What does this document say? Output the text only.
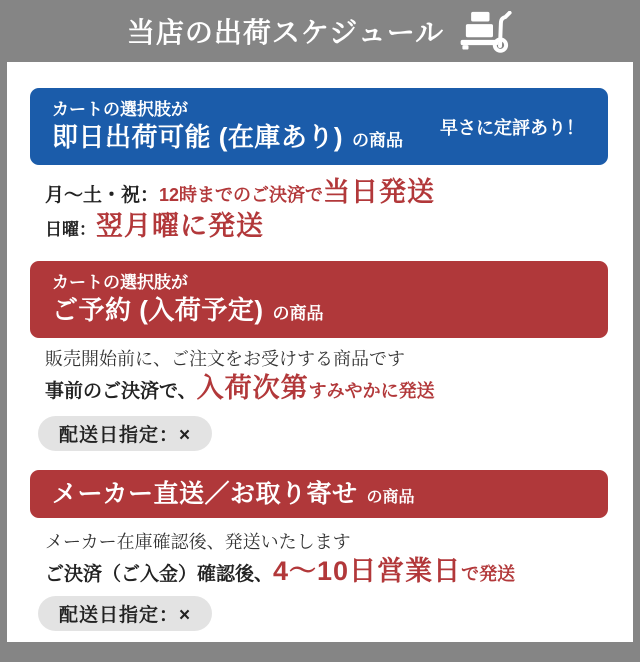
当店の出荷スケジュール
カートの選択肢が
即日出荷可能 (在庫あり) の商品
早さに定評あり！
月〜土・祝： 12時までのご決済で 当日発送
日曜： 翌月曜に発送
カートの選択肢が
ご予約 (入荷予定) の商品
販売開始前に、ご注文をお受けする商品です
事前のご決済で、 入荷次第 すみやかに発送
配送日指定：×
メーカー直送／お取り寄せ の商品
メーカー在庫確認後、発送いたします
ご決済（ご入金）確認後、 4〜10日営業日 で発送
配送日指定：×
